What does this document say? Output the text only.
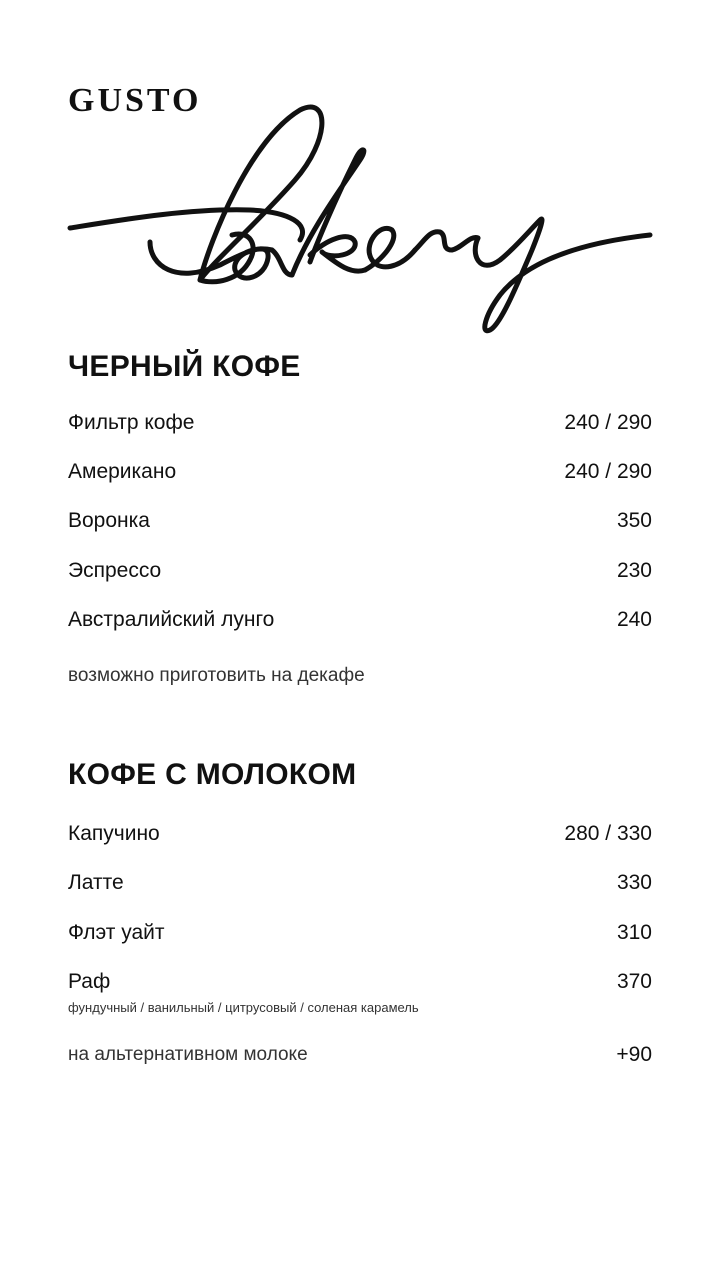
GUSTO
ЧЕРНЫЙ КОФЕ
Фильтр кофе	240 / 290
Американо	240 / 290
Воронка	350
Эспрессо	230
Австралийский лунго	240
возможно приготовить на декафе
КОФЕ С МОЛОКОМ
Капучино	280 / 330
Латте	330
Флэт уайт	310
Раф	370
фундучный / ванильный / цитрусовый / соленая карамель
на альтернативном молоке	+90
